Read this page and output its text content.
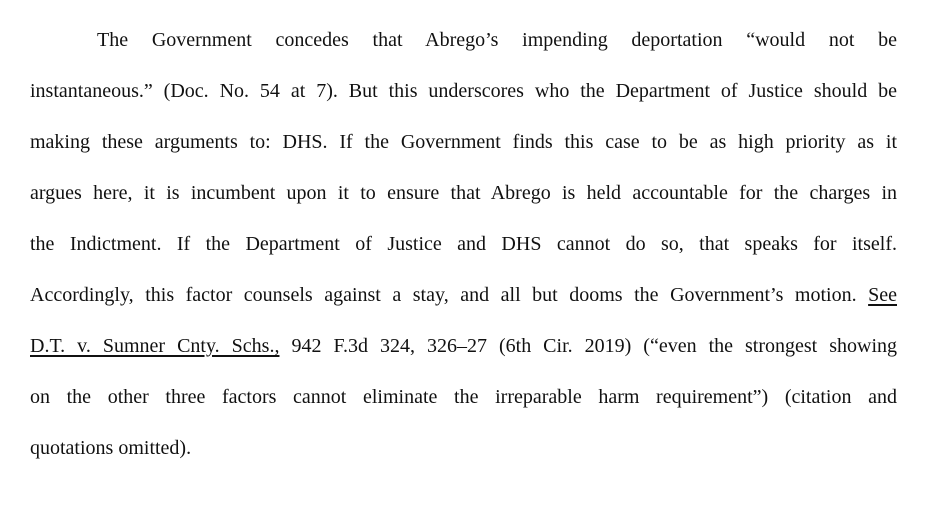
The Government concedes that Abrego’s impending deportation “would not be
instantaneous.” (Doc. No. 54 at 7). But this underscores who the Department of Justice should be
making these arguments to: DHS. If the Government finds this case to be as high priority as it
argues here, it is incumbent upon it to ensure that Abrego is held accountable for the charges in
the Indictment. If the Department of Justice and DHS cannot do so, that speaks for itself.
Accordingly, this factor counsels against a stay, and all but dooms the Government’s motion. See
D.T. v. Sumner Cnty. Schs., 942 F.3d 324, 326–27 (6th Cir. 2019) (“even the strongest showing
on the other three factors cannot eliminate the irreparable harm requirement”) (citation and
quotations omitted).
